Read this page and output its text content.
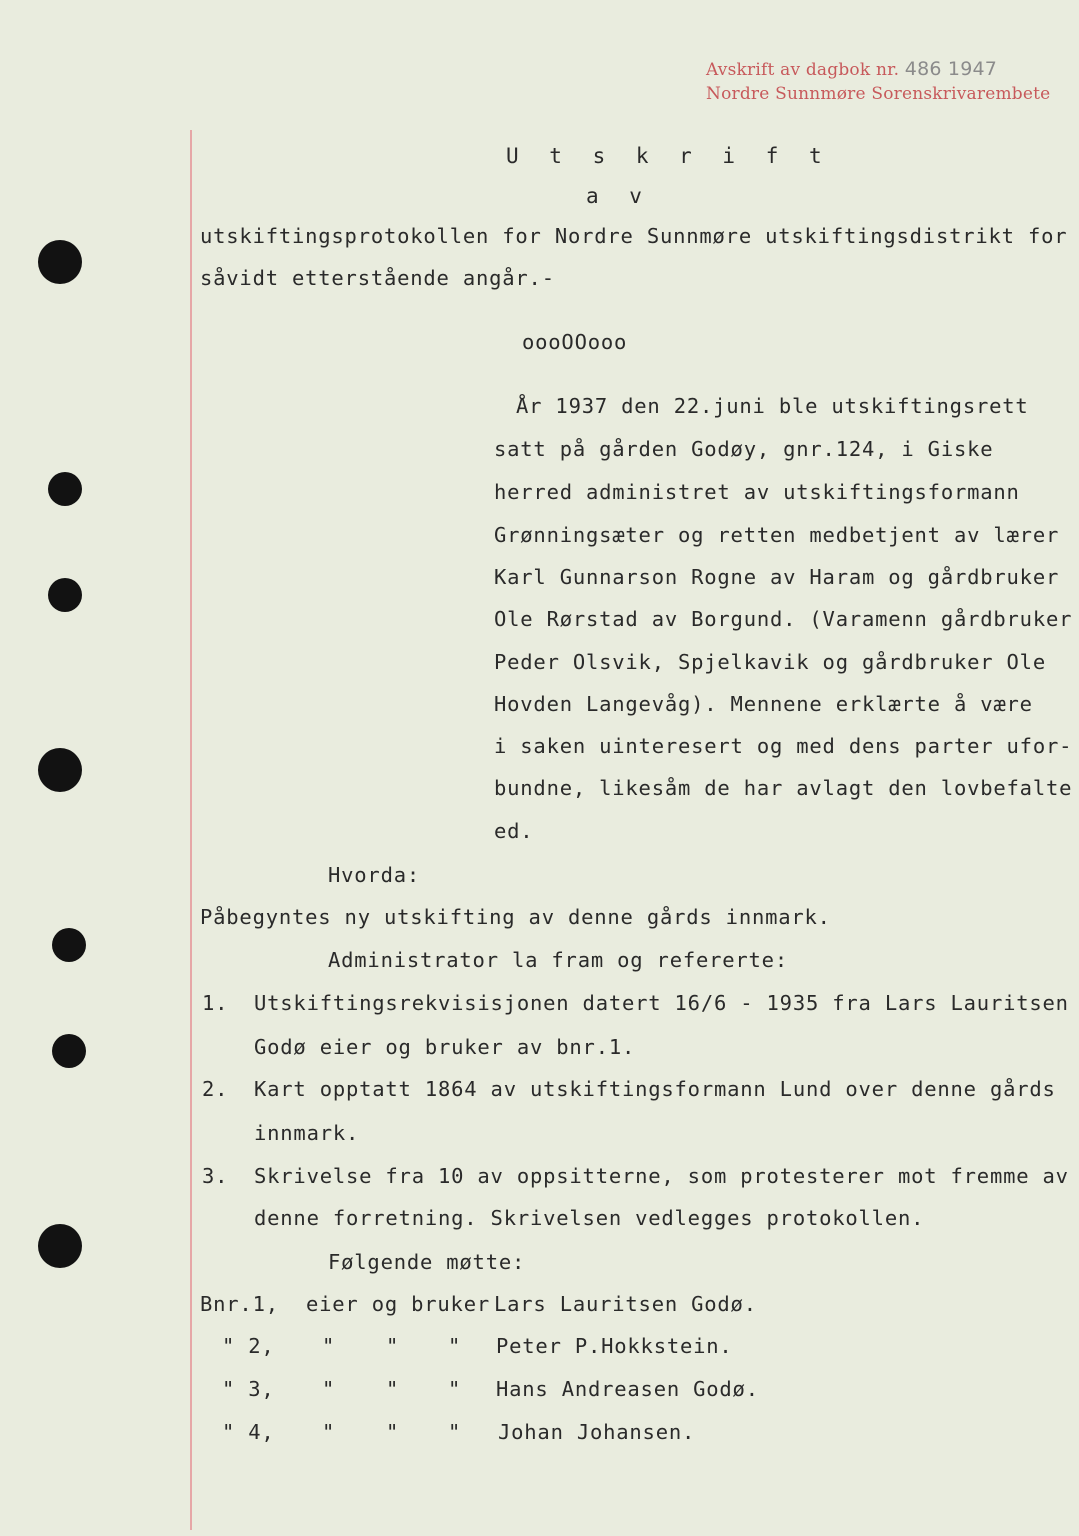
Avskrift av dagbok nr. 486 1947
Nordre Sunnmøre Sorenskrivarembete
U t s k r i f t
a v
utskiftingsprotokollen for Nordre Sunnmøre utskiftingsdistrikt for
såvidt etterstående angår.-
oooOOooo
År 1937 den 22.juni ble utskiftingsrett
satt på gården Godøy, gnr.124, i Giske
herred administret av utskiftingsformann
Grønningsæter og retten medbetjent av lærer
Karl Gunnarson Rogne av Haram og gårdbruker
Ole Rørstad av Borgund. (Varamenn gårdbruker
Peder Olsvik, Spjelkavik og gårdbruker Ole
Hovden Langevåg). Mennene erklærte å være
i saken uinteresert og med dens parter ufor-
bundne, likesåm de har avlagt den lovbefalte
ed.
Hvorda:
Påbegyntes ny utskifting av denne gårds innmark.
Administrator la fram og refererte:
1. Utskiftingsrekvisisjonen datert 16/6 - 1935 fra Lars Lauritsen
Godø eier og bruker av bnr.1.
2. Kart opptatt 1864 av utskiftingsformann Lund over denne gårds
innmark.
3. Skrivelse fra 10 av oppsitterne, som protesterer mot fremme av
denne forretning. Skrivelsen vedlegges protokollen.
Følgende møtte:
Bnr.1, eier og bruker Lars Lauritsen Godø.
" 2, " " " Peter P.Hokkstein.
" 3, " " " Hans Andreasen Godø.
" 4, " " " Johan Johansen.
